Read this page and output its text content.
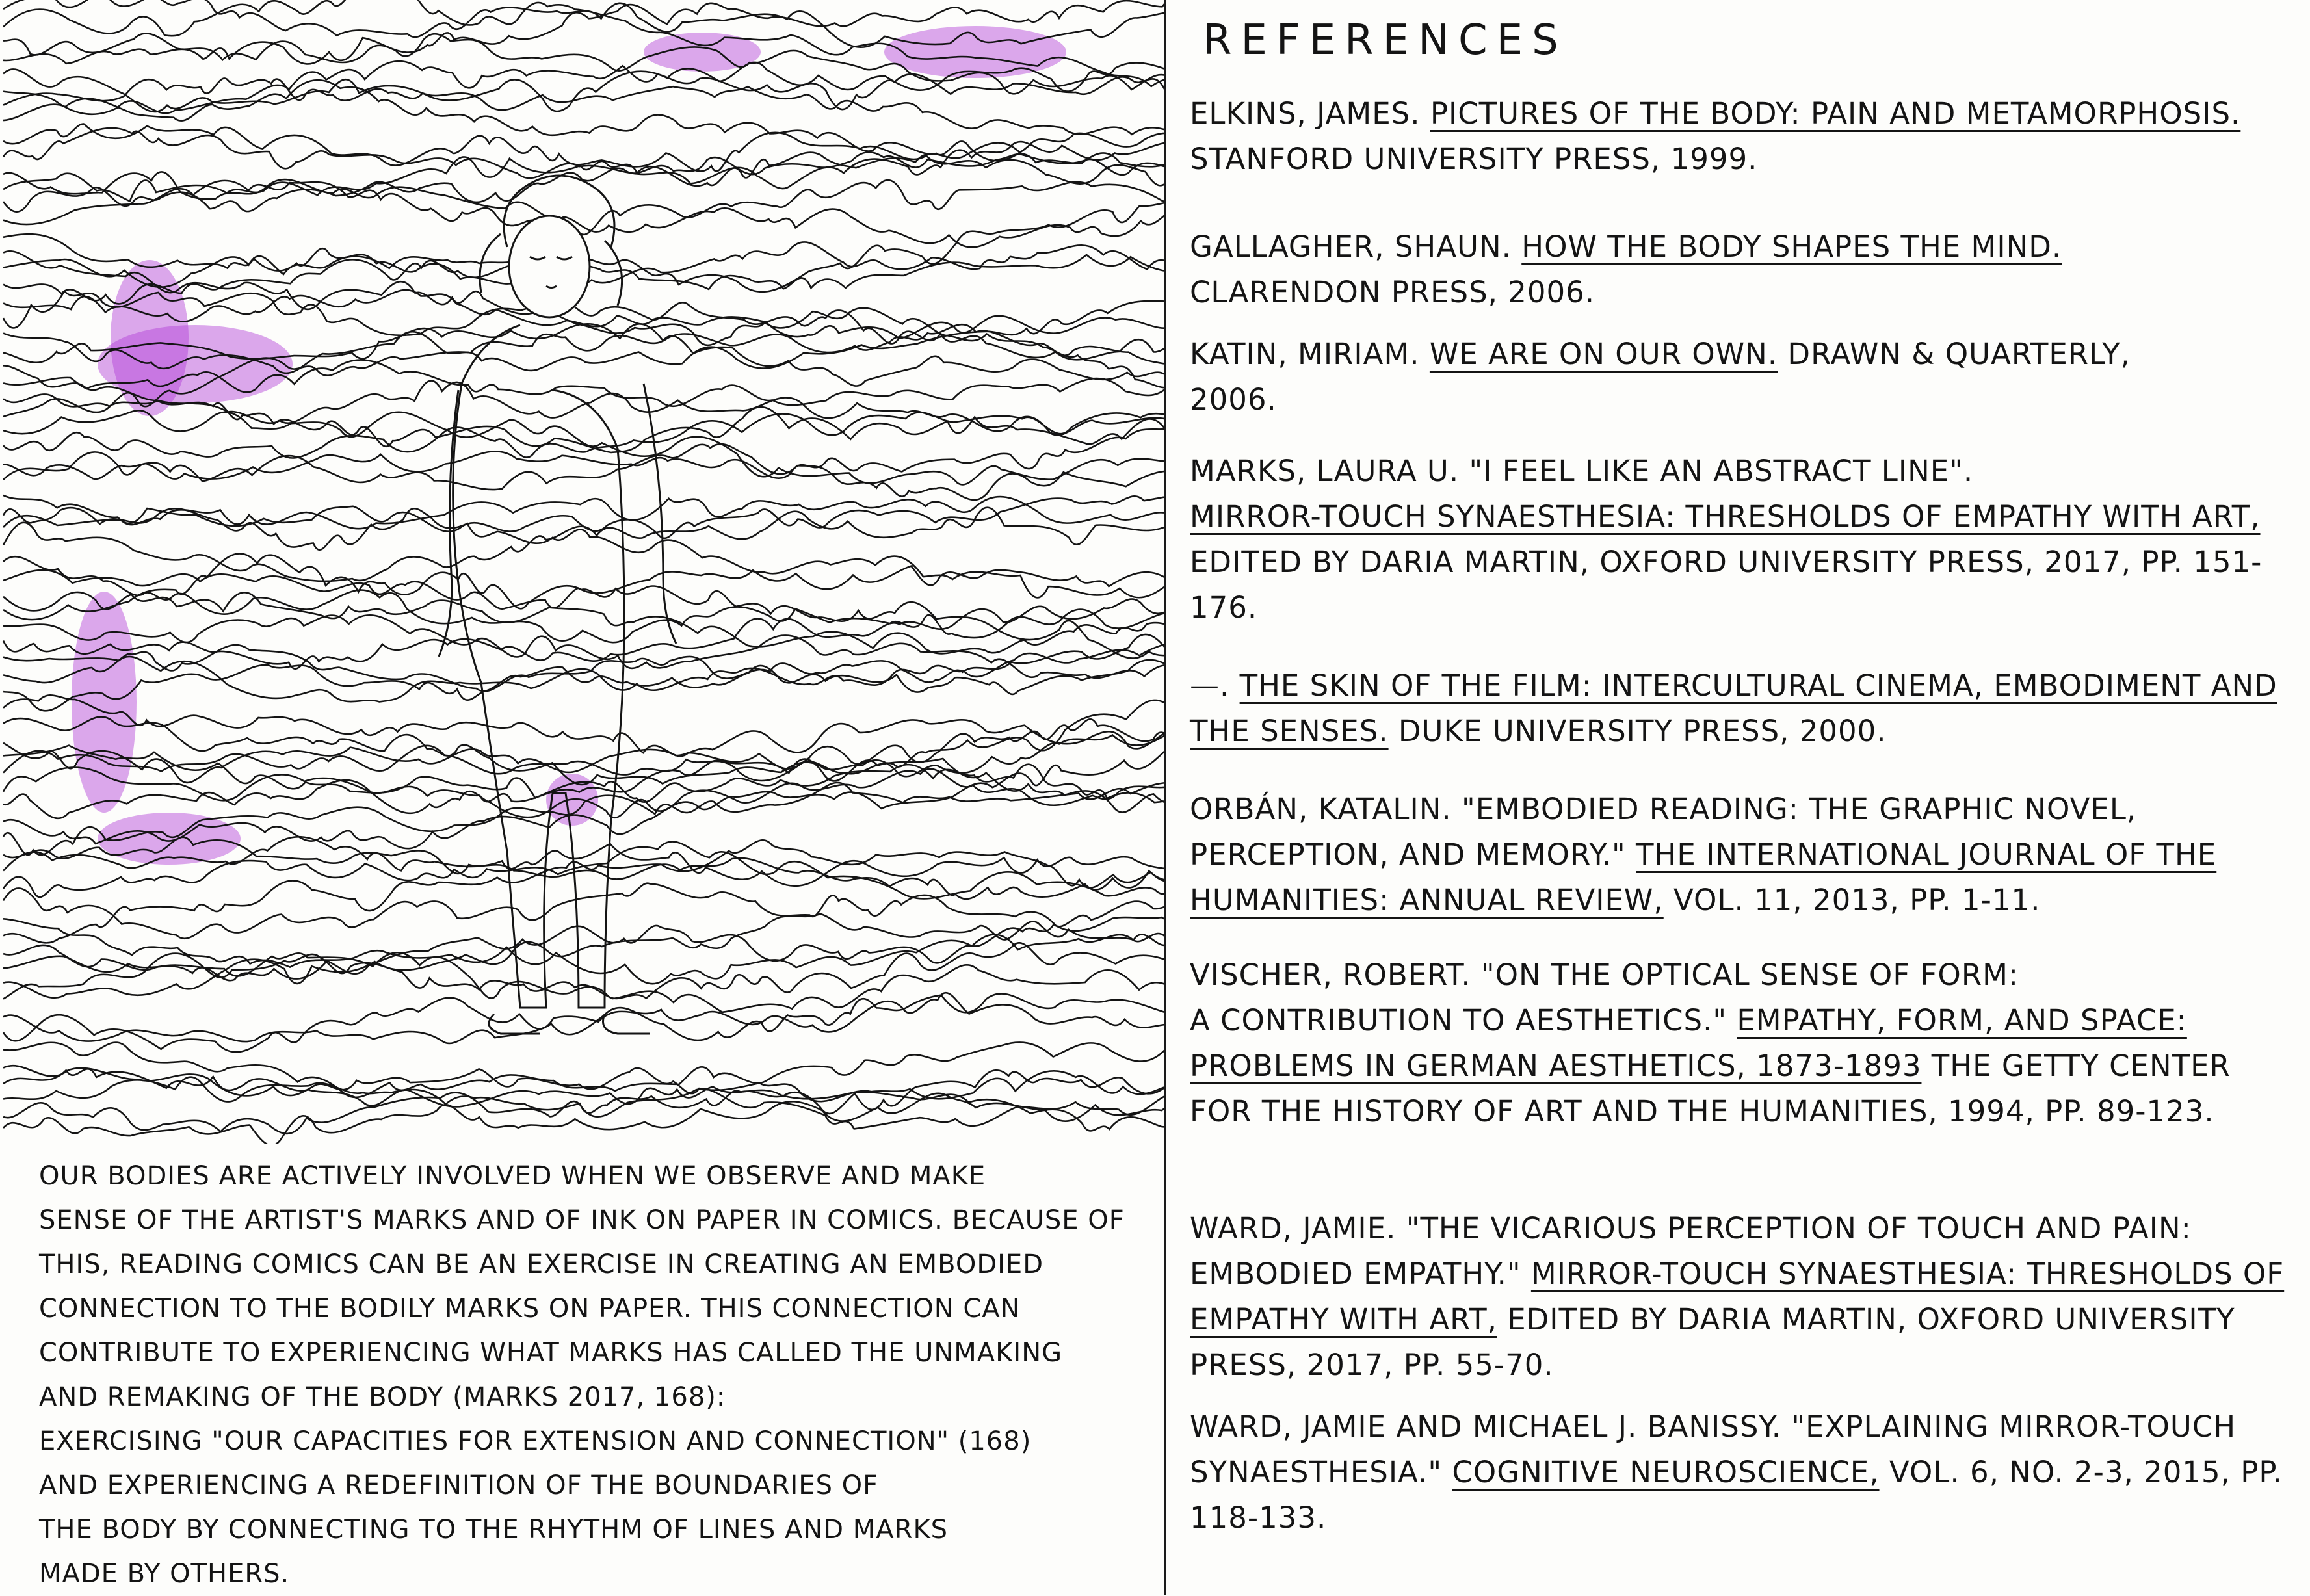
OUR BODIES ARE ACTIVELY INVOLVED WHEN WE OBSERVE AND MAKE
SENSE OF THE ARTIST'S MARKS AND OF INK ON PAPER IN COMICS. BECAUSE OF
THIS, READING COMICS CAN BE AN EXERCISE IN CREATING AN EMBODIED
CONNECTION TO THE BODILY MARKS ON PAPER. THIS CONNECTION CAN
CONTRIBUTE TO EXPERIENCING WHAT MARKS HAS CALLED THE UNMAKING
AND REMAKING OF THE BODY (MARKS 2017, 168):
EXERCISING "OUR CAPACITIES FOR EXTENSION AND CONNECTION" (168)
AND EXPERIENCING A REDEFINITION OF THE BOUNDARIES OF
THE BODY BY CONNECTING TO THE RHYTHM OF LINES AND MARKS
MADE BY OTHERS.

REFERENCES

ELKINS, JAMES. PICTURES OF THE BODY: PAIN AND METAMORPHOSIS. STANFORD UNIVERSITY PRESS, 1999.

GALLAGHER, SHAUN. HOW THE BODY SHAPES THE MIND.
CLARENDON PRESS, 2006.

KATIN, MIRIAM. WE ARE ON OUR OWN. DRAWN & QUARTERLY,
2006.

MARKS, LAURA U. "I FEEL LIKE AN ABSTRACT LINE".
MIRROR-TOUCH SYNAESTHESIA: THRESHOLDS OF EMPATHY WITH ART, EDITED BY DARIA MARTIN, OXFORD UNIVERSITY PRESS, 2017, PP. 151-176.

—. THE SKIN OF THE FILM: INTERCULTURAL CINEMA, EMBODIMENT AND THE SENSES. DUKE UNIVERSITY PRESS, 2000.

ORBÁN, KATALIN. "EMBODIED READING: THE GRAPHIC NOVEL, PERCEPTION, AND MEMORY." THE INTERNATIONAL JOURNAL OF THE HUMANITIES: ANNUAL REVIEW, VOL. 11, 2013, PP. 1-11.

VISCHER, ROBERT. "ON THE OPTICAL SENSE OF FORM:
A CONTRIBUTION TO AESTHETICS." EMPATHY, FORM, AND SPACE: PROBLEMS IN GERMAN AESTHETICS, 1873-1893 THE GETTY CENTER FOR THE HISTORY OF ART AND THE HUMANITIES, 1994, PP. 89-123.

WARD, JAMIE. "THE VICARIOUS PERCEPTION OF TOUCH AND PAIN: EMBODIED EMPATHY." MIRROR-TOUCH SYNAESTHESIA: THRESHOLDS OF EMPATHY WITH ART, EDITED BY DARIA MARTIN, OXFORD UNIVERSITY PRESS, 2017, PP. 55-70.

WARD, JAMIE AND MICHAEL J. BANISSY. "EXPLAINING MIRROR-TOUCH SYNAESTHESIA." COGNITIVE NEUROSCIENCE, VOL. 6, NO. 2-3, 2015, PP. 118-133.
